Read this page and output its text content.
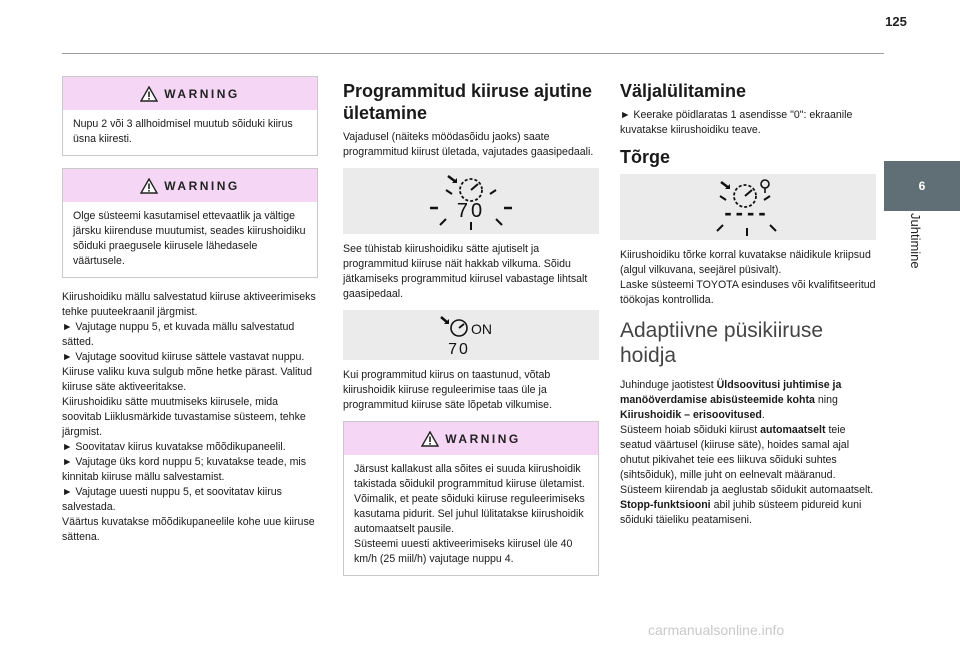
125
6
Juhtimine
WARNING
Nupu 2 või 3 allhoidmisel muutub sõiduki kiirus üsna kiiresti.
WARNING
Olge süsteemi kasutamisel ettevaatlik ja vältige järsku kiirenduse muutumist, seades kiirushoidiku sõiduki praegusele kiirusele lähedasele väärtusele.

Kiirushoidiku mällu salvestatud kiiruse aktiveerimiseks tehke puuteekraanil järgmist.
► Vajutage nuppu 5, et kuvada mällu salvestatud sätted.
► Vajutage soovitud kiiruse sättele vastavat nuppu.
Kiiruse valiku kuva sulgub mõne hetke pärast. Valitud kiiruse säte aktiveeritakse.
Kiirushoidiku sätte muutmiseks kiirusele, mida soovitab Liiklusmärkide tuvastamise süsteem, tehke järgmist.
► Soovitatav kiirus kuvatakse mõõdikupaneelil.
► Vajutage üks kord nuppu 5; kuvatakse teade, mis kinnitab kiiruse mällu salvestamist.
► Vajutage uuesti nuppu 5, et soovitatav kiirus salvestada.
Väärtus kuvatakse mõõdikupaneelile kohe uue kiiruse sättena.

Programmitud kiiruse ajutine ületamine

Vajadusel (näiteks möödasõidu jaoks) saate programmitud kiirust ületada, vajutades gaasipedaali.

70

See tühistab kiirushoidiku sätte ajutiselt ja programmitud kiiruse näit hakkab vilkuma. Sõidu jätkamiseks programmitud kiirusel vabastage lihtsalt gaasipedaal.

ON
70

Kui programmitud kiirus on taastunud, võtab kiirushoidik kiiruse reguleerimise taas üle ja programmitud kiiruse säte lõpetab vilkumise.

WARNING
Järsust kallakust alla sõites ei suuda kiirushoidik takistada sõidukil programmitud kiiruse ületamist.
Võimalik, et peate sõiduki kiiruse reguleerimiseks kasutama pidurit. Sel juhul lülitatakse kiirushoidik automaatselt pausile.
Süsteemi uuesti aktiveerimiseks kiirusel üle 40 km/h (25 miil/h) vajutage nuppu 4.
Väljalülitamine

► Keerake pöidlaratas 1 asendisse "0": ekraanile kuvatakse kiirushoidiku teave.

Tõrge
----

Kiirushoidiku tõrke korral kuvatakse näidikule kriipsud (algul vilkuvana, seejärel püsivalt).
Laske süsteemi TOYOTA esinduses või kvalifitseeritud töökojas kontrollida.

Adaptiivne püsikiiruse hoidja

Juhinduge jaotistest Üldsoovitusi juhtimise ja manööverdamise abisüsteemide kohta ning Kiirushoidik – erisoovitused.
Süsteem hoiab sõiduki kiirust automaatselt teie seatud väärtusel (kiiruse säte), hoides samal ajal ohutut pikivahet teie ees liikuva sõiduki suhtes (sihtsõiduk), mille juht on eelnevalt määranud.
Süsteem kiirendab ja aeglustab sõidukit automaatselt.
Stopp-funktsiooni abil juhib süsteem pidureid kuni sõiduki täieliku peatamiseni.

carmanualsonline.info
